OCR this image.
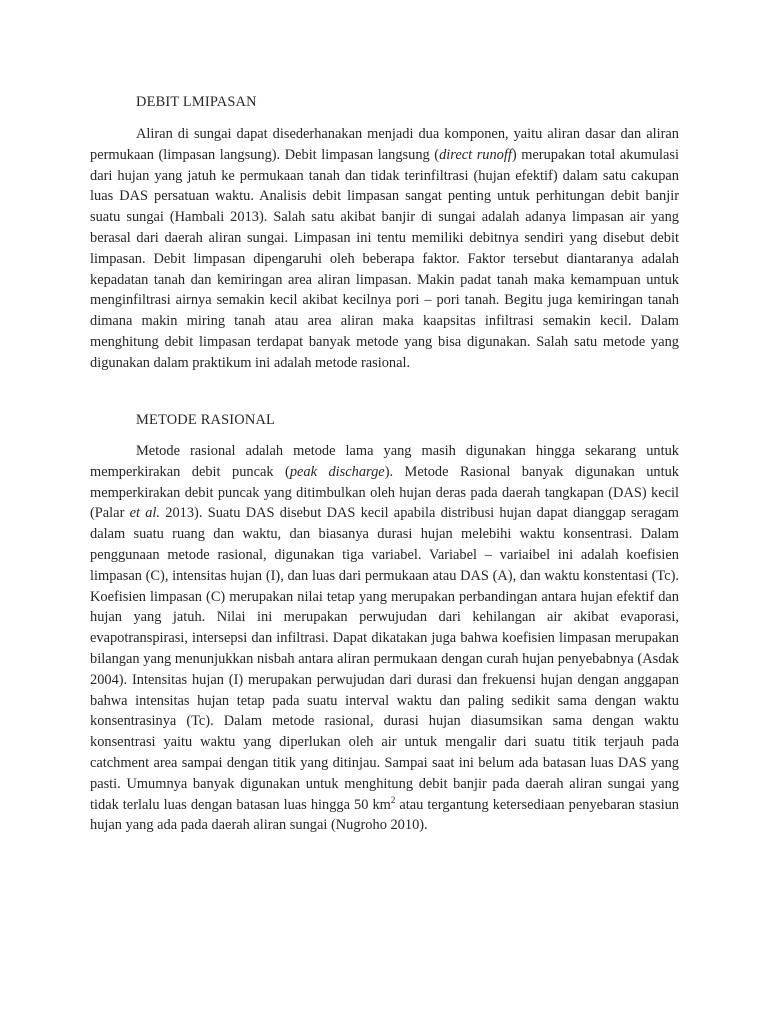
DEBIT LMIPASAN

Aliran di sungai dapat disederhanakan menjadi dua komponen, yaitu aliran dasar dan aliran permukaan (limpasan langsung). Debit limpasan langsung (direct runoff) merupakan total akumulasi dari hujan yang jatuh ke permukaan tanah dan tidak terinfiltrasi (hujan efektif) dalam satu cakupan luas DAS persatuan waktu. Analisis debit limpasan sangat penting untuk perhitungan debit banjir suatu sungai (Hambali 2013). Salah satu akibat banjir di sungai adalah adanya limpasan air yang berasal dari daerah aliran sungai. Limpasan ini tentu memiliki debitnya sendiri yang disebut debit limpasan. Debit limpasan dipengaruhi oleh beberapa faktor. Faktor tersebut diantaranya adalah kepadatan tanah dan kemiringan area aliran limpasan. Makin padat tanah maka kemampuan untuk menginfiltrasi airnya semakin kecil akibat kecilnya pori – pori tanah. Begitu juga kemiringan tanah dimana makin miring tanah atau area aliran maka kaapsitas infiltrasi semakin kecil. Dalam menghitung debit limpasan terdapat banyak metode yang bisa digunakan. Salah satu metode yang digunakan dalam praktikum ini adalah metode rasional.

METODE RASIONAL

Metode rasional adalah metode lama yang masih digunakan hingga sekarang untuk memperkirakan debit puncak (peak discharge). Metode Rasional banyak digunakan untuk memperkirakan debit puncak yang ditimbulkan oleh hujan deras pada daerah tangkapan (DAS) kecil (Palar et al. 2013). Suatu DAS disebut DAS kecil apabila distribusi hujan dapat dianggap seragam dalam suatu ruang dan waktu, dan biasanya durasi hujan melebihi waktu konsentrasi. Dalam penggunaan metode rasional, digunakan tiga variabel. Variabel – variaibel ini adalah koefisien limpasan (C), intensitas hujan (I), dan luas dari permukaan atau DAS (A), dan waktu konstentasi (Tc). Koefisien limpasan (C) merupakan nilai tetap yang merupakan perbandingan antara hujan efektif dan hujan yang jatuh. Nilai ini merupakan perwujudan dari kehilangan air akibat evaporasi, evapotranspirasi, intersepsi dan infiltrasi. Dapat dikatakan juga bahwa koefisien limpasan merupakan bilangan yang menunjukkan nisbah antara aliran permukaan dengan curah hujan penyebabnya (Asdak 2004). Intensitas hujan (I) merupakan perwujudan dari durasi dan frekuensi hujan dengan anggapan bahwa intensitas hujan tetap pada suatu interval waktu dan paling sedikit sama dengan waktu konsentrasinya (Tc). Dalam metode rasional, durasi hujan diasumsikan sama dengan waktu konsentrasi yaitu waktu yang diperlukan oleh air untuk mengalir dari suatu titik terjauh pada catchment area sampai dengan titik yang ditinjau. Sampai saat ini belum ada batasan luas DAS yang pasti. Umumnya banyak digunakan untuk menghitung debit banjir pada daerah aliran sungai yang tidak terlalu luas dengan batasan luas hingga 50 $km^2$ atau tergantung ketersediaan penyebaran stasiun hujan yang ada pada daerah aliran sungai (Nugroho 2010).
